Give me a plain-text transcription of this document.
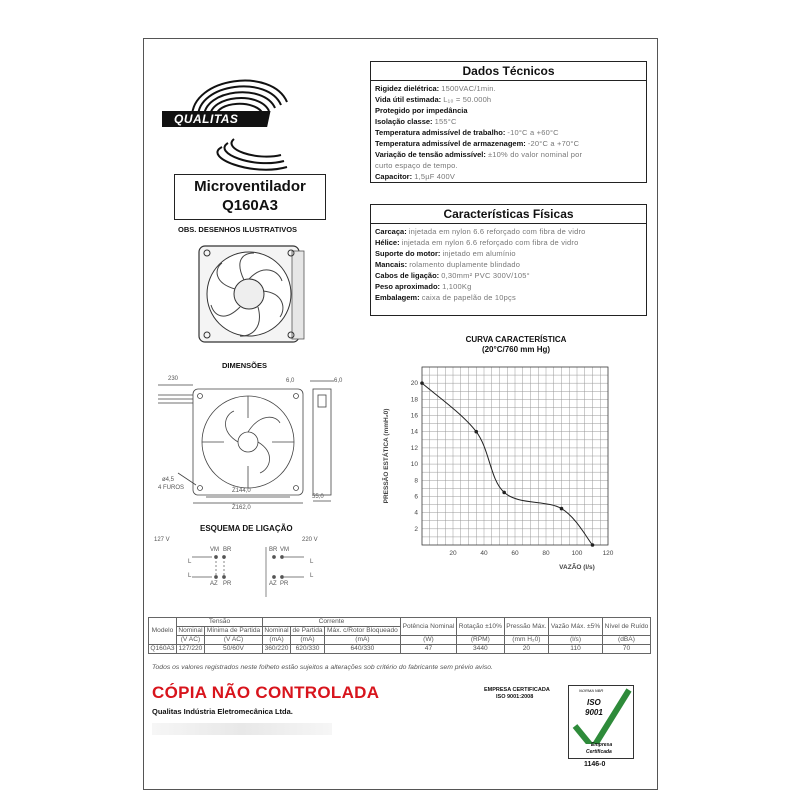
QUALITAS
Microventilador
Q160A3
OBS. DESENHOS ILUSTRATIVOS
DIMENSÕES
230	6,0	6,0
ø4,5
4 FUROS	Ż144,0
Ż162,0
55,0
ESQUEMA DE LIGAÇÃO
127 V	220 V
VM BR
AZ PR
L
L
BR VM
AZ PR
L
L
Dados Técnicos
Rigidez dielétrica: 1500VAC/1min.
Vida útil estimada: L₁₀ = 50.000h
Protegido por impedância
Isolação classe: 155°C
Temperatura admissível de trabalho: -10°C a +60°C
Temperatura admissível de armazenagem: -20°C a +70°C
Variação de tensão admissível: ±10% do valor nominal por
curto espaço de tempo.
Capacitor: 1,5µF 400V
Características Físicas
Carcaça: injetada em nylon 6.6 reforçado com fibra de vidro
Hélice: injetada em nylon 6.6 reforçado com fibra de vidro
Suporte do motor: injetado em alumínio
Mancais: rolamento duplamente blindado
Cabos de ligação: 0,30mm² PVC 300V/105°
Peso aproximado: 1,100Kg
Embalagem: caixa de papelão de 10pçs
CURVA CARACTERÍSTICA
(20°C/760 mm Hg)
20	40	60	80	100	120
2
4
6
8
10
12
14
16
18
20
VAZÃO (l/s)
PRESSÃO ESTÁTICA (mmH₂0)
Modelo	Tensão		Corrente			Potência Nominal	Rotação ±10%	Pressão Máx.	Vazão Máx. ±5%	Nível de Ruído
	Nominal	Mínima de Partida	Nominal	de Partida	Máx. c/Rotor Bloqueado					
	(V AC)	(V AC)	(mA)	(mA)	(mA)	(W)	(RPM)	(mm H₂0)	(l/s)	(dBA)
Q160A3	127/220	50/60V	360/220	620/330	640/330	47	3440	20	110	70
Todos os valores registrados neste folheto estão sujeitos a alterações sob critério do fabricante sem prévio aviso.
CÓPIA NÃO CONTROLADA
Qualitas Indústria Eletromecânica Ltda.
EMPRESA CERTIFICADA
ISO 9001:2008
NORMA NBR
ISO
9001
Empresa
Certificada
1146-0
